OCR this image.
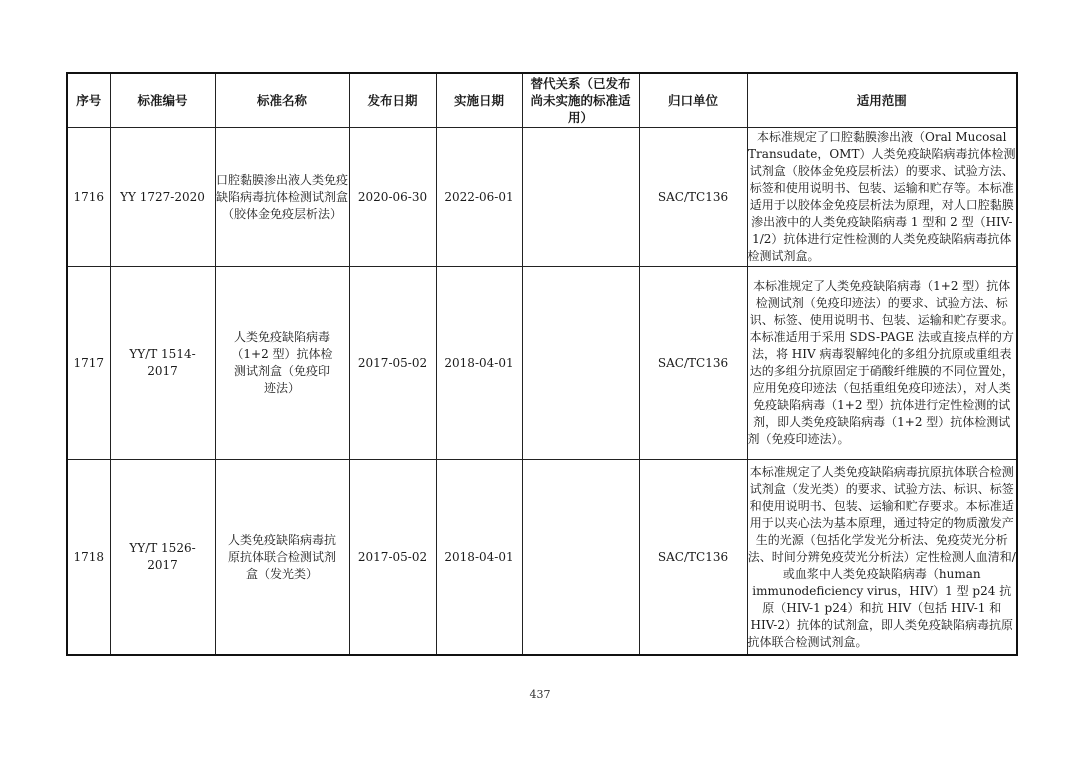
序号	标准编号	标准名称	发布日期	实施日期	替代关系（已发布尚未实施的标准适用）	归口单位	适用范围
1716	YY 1727-2020	口腔黏膜渗出液人类免疫缺陷病毒抗体检测试剂盒（胶体金免疫层析法）	2020-06-30	2022-06-01		SAC/TC136	本标准规定了口腔黏膜渗出液（Oral Mucosal Transudate，OMT）人类免疫缺陷病毒抗体检测试剂盒（胶体金免疫层析法）的要求、试验方法、标签和使用说明书、包装、运输和贮存等。本标准适用于以胶体金免疫层析法为原理，对人口腔黏膜渗出液中的人类免疫缺陷病毒 1 型和 2 型（HIV-1/2）抗体进行定性检测的人类免疫缺陷病毒抗体检测试剂盒。
1717	YY/T 1514-2017	人类免疫缺陷病毒（1+2 型）抗体检测试剂盒（免疫印迹法）	2017-05-02	2018-04-01		SAC/TC136	本标准规定了人类免疫缺陷病毒（1+2 型）抗体检测试剂（免疫印迹法）的要求、试验方法、标识、标签、使用说明书、包装、运输和贮存要求。本标准适用于采用 SDS-PAGE 法或直接点样的方法，将 HIV 病毒裂解纯化的多组分抗原或重组表达的多组分抗原固定于硝酸纤维膜的不同位置处，应用免疫印迹法（包括重组免疫印迹法），对人类免疫缺陷病毒（1+2 型）抗体进行定性检测的试剂，即人类免疫缺陷病毒（1+2 型）抗体检测试剂（免疫印迹法）。
1718	YY/T 1526-2017	人类免疫缺陷病毒抗原抗体联合检测试剂盒（发光类）	2017-05-02	2018-04-01		SAC/TC136	本标准规定了人类免疫缺陷病毒抗原抗体联合检测试剂盒（发光类）的要求、试验方法、标识、标签和使用说明书、包装、运输和贮存要求。本标准适用于以夹心法为基本原理，通过特定的物质激发产生的光源（包括化学发光分析法、免疫荧光分析法、时间分辨免疫荧光分析法）定性检测人血清和/或血浆中人类免疫缺陷病毒（human immunodeficiency virus，HIV）1 型 p24 抗原（HIV-1 p24）和抗 HIV（包括 HIV-1 和 HIV-2）抗体的试剂盒，即人类免疫缺陷病毒抗原抗体联合检测试剂盒。
437
